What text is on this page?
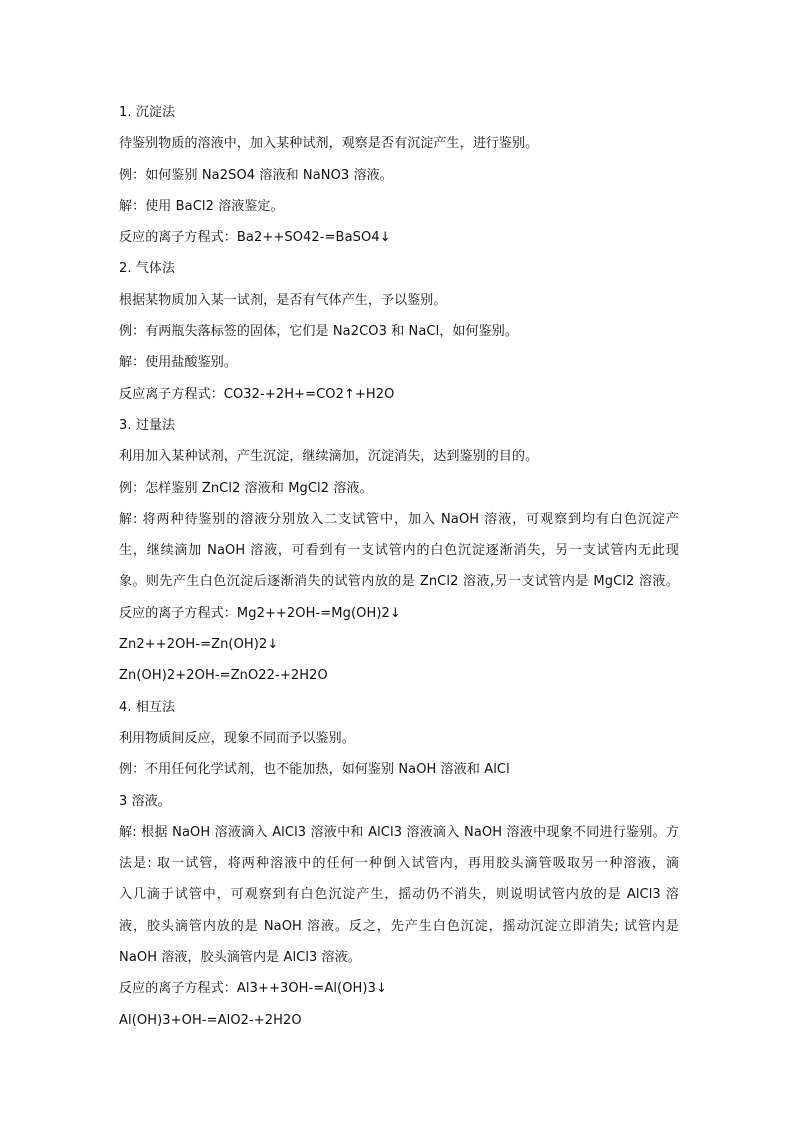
1. 沉淀法
待鉴别物质的溶液中，加入某种试剂，观察是否有沉淀产生，进行鉴别。
例：如何鉴别 Na2SO4 溶液和 NaNO3 溶液。
解：使用 BaCl2 溶液鉴定。
反应的离子方程式：Ba2++SO42-=BaSO4↓
2. 气体法
根据某物质加入某一试剂，是否有气体产生，予以鉴别。
例：有两瓶失落标签的固体，它们是 Na2CO3 和 NaCl，如何鉴别。
解：使用盐酸鉴别。
反应离子方程式：CO32-+2H+=CO2↑+H2O
3. 过量法
利用加入某种试剂，产生沉淀，继续滴加，沉淀消失，达到鉴别的目的。
例：怎样鉴别 ZnCl2 溶液和 MgCl2 溶液。
解: 将两种待鉴别的溶液分别放入二支试管中，加入 NaOH 溶液，可观察到均有白色沉淀产
生，继续滴加 NaOH 溶液，可看到有一支试管内的白色沉淀逐渐消失，另一支试管内无此现
象。则先产生白色沉淀后逐渐消失的试管内放的是 ZnCl2 溶液,另一支试管内是 MgCl2 溶液。
反应的离子方程式：Mg2++2OH-=Mg(OH)2↓
Zn2++2OH-=Zn(OH)2↓
Zn(OH)2+2OH-=ZnO22-+2H2O
4. 相互法
利用物质间反应，现象不同而予以鉴别。
例：不用任何化学试剂，也不能加热，如何鉴别 NaOH 溶液和 AlCl
3 溶液。
解: 根据 NaOH 溶液滴入 AlCl3 溶液中和 AlCl3 溶液滴入 NaOH 溶液中现象不同进行鉴别。方
法是: 取一试管，将两种溶液中的任何一种倒入试管内，再用胶头滴管吸取另一种溶液，滴
入几滴于试管中，可观察到有白色沉淀产生，摇动仍不消失，则说明试管内放的是 AlCl3 溶
液，胶头滴管内放的是 NaOH 溶液。反之，先产生白色沉淀，摇动沉淀立即消失; 试管内是
NaOH 溶液，胶头滴管内是 AlCl3 溶液。
反应的离子方程式：Al3++3OH-=Al(OH)3↓
Al(OH)3+OH-=AlO2-+2H2O
